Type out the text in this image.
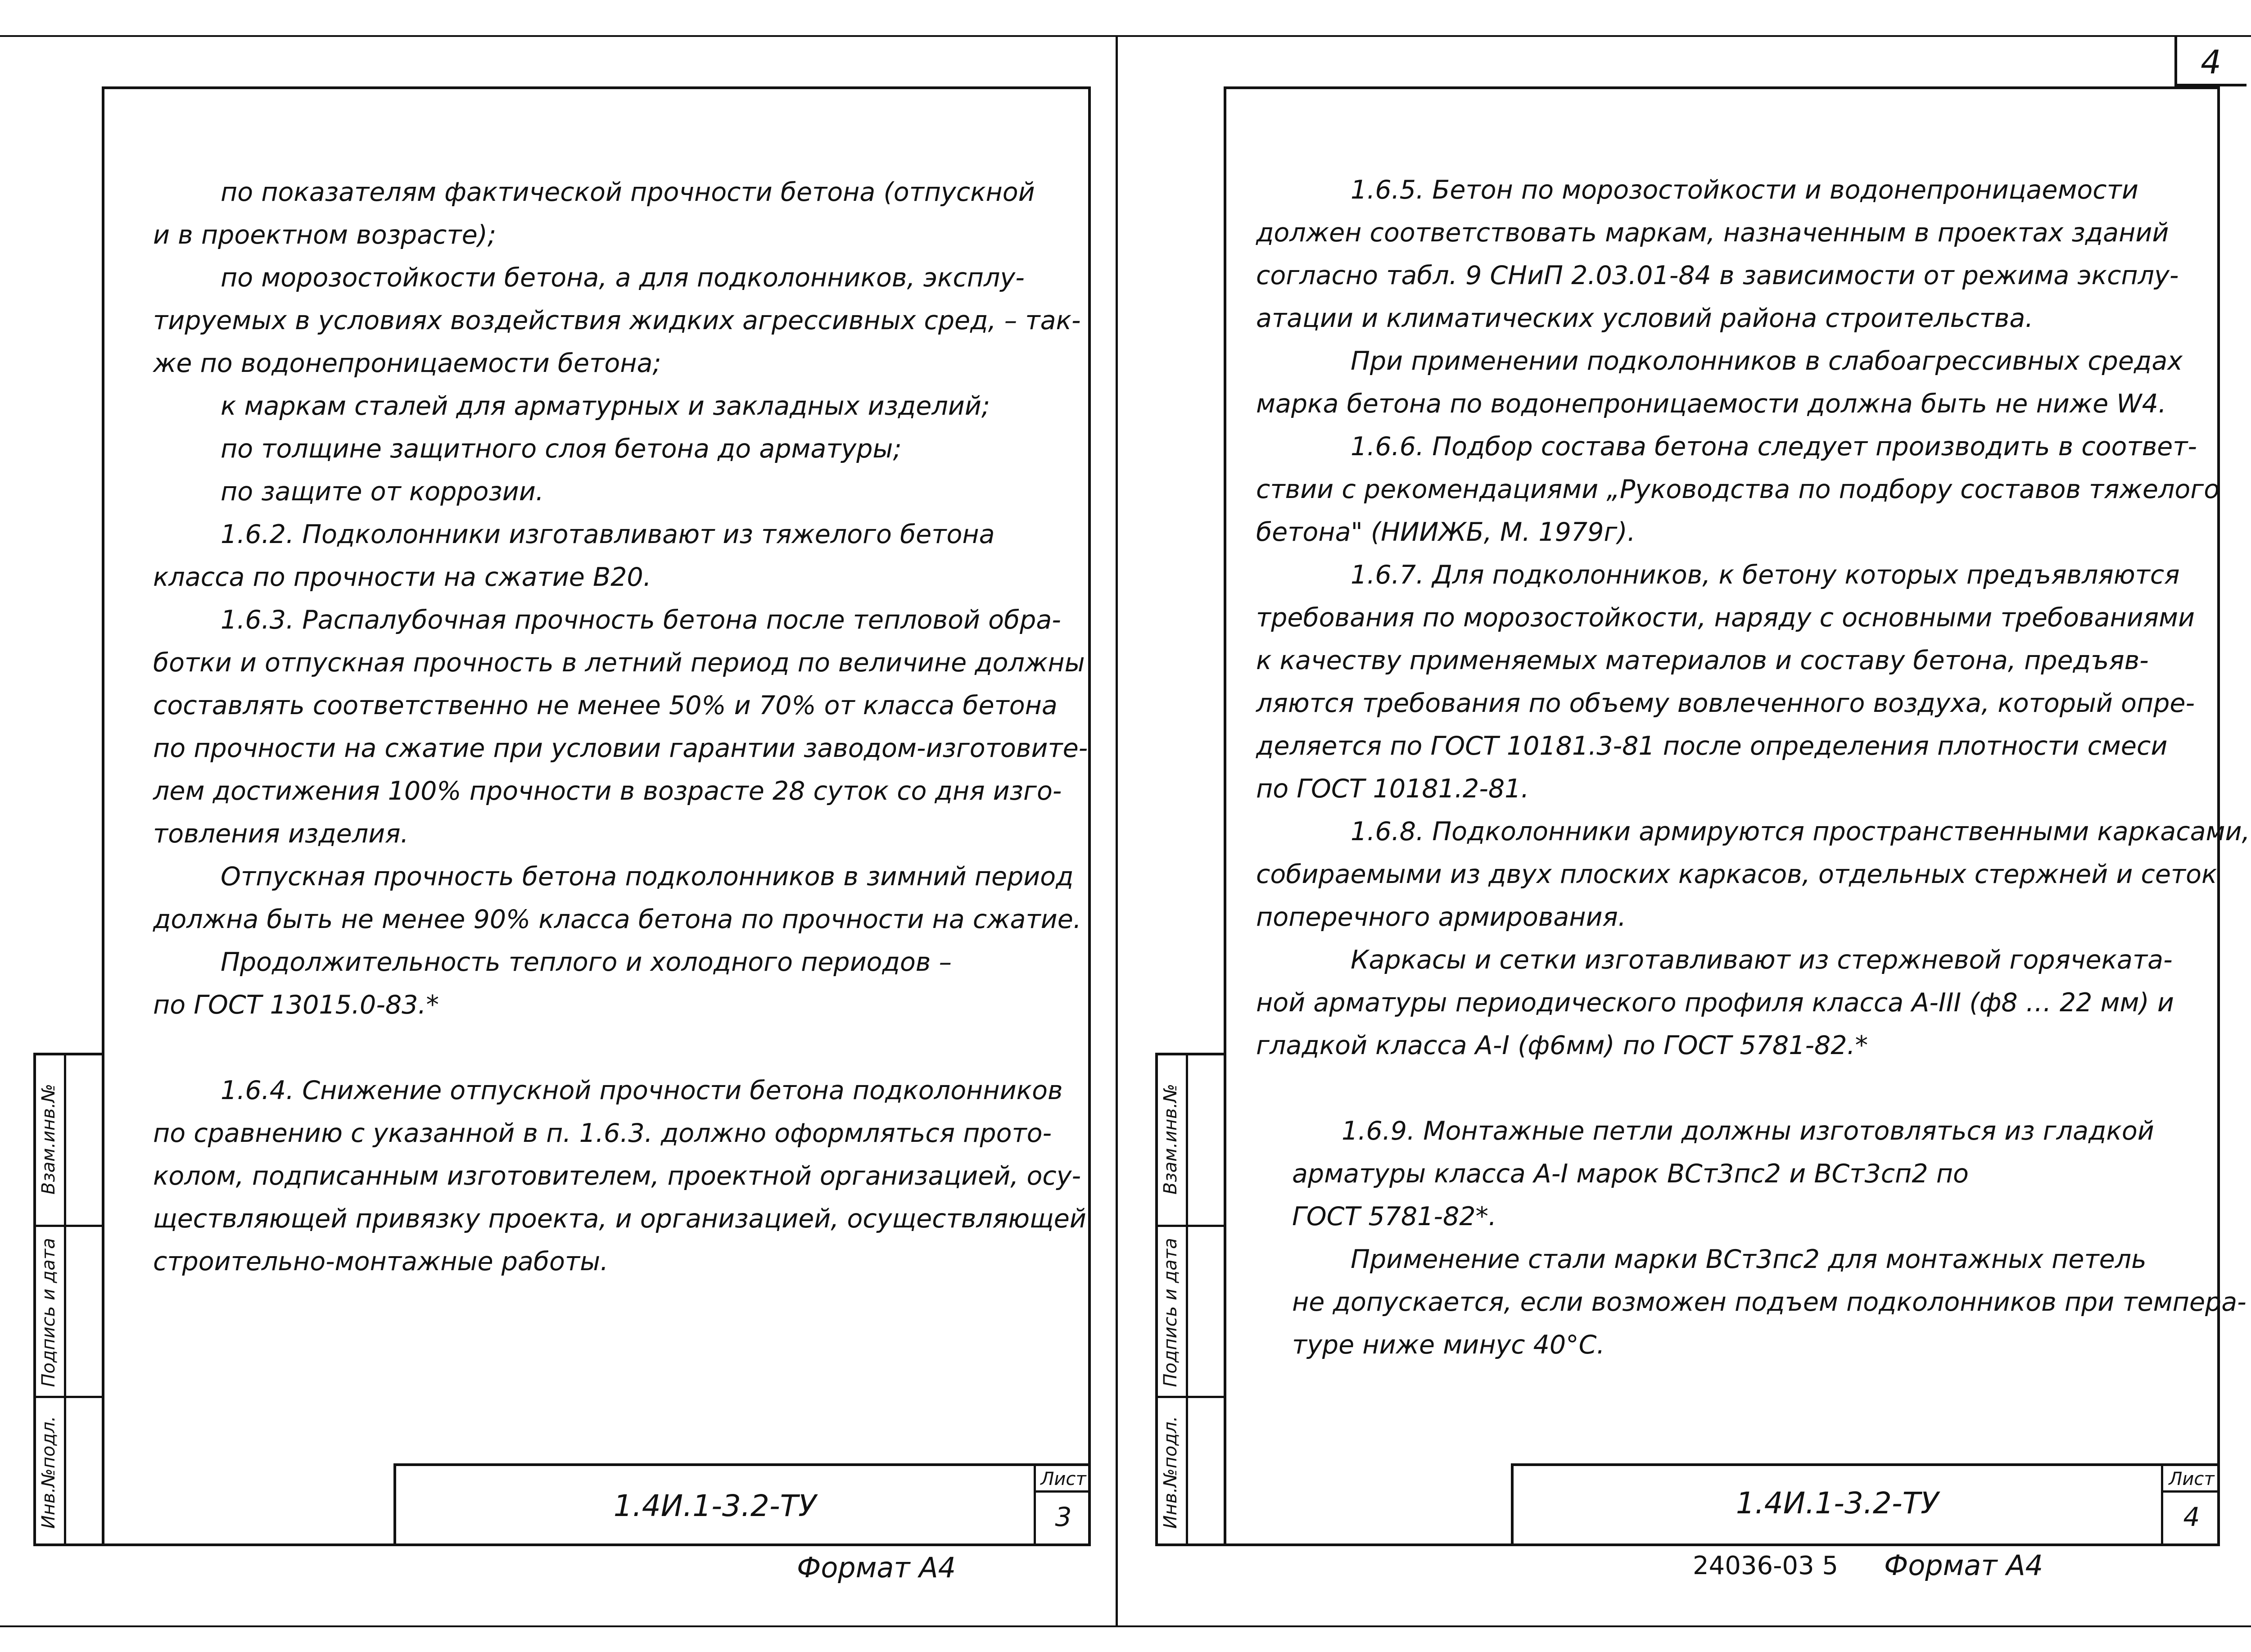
4
Инв.№подл.
Подпись и дата
Взам.инв.№

по показателям фактической прочности бетона (отпускной

и в проектном возрасте);

по морозостойкости бетона, а для подколонников, эксплу-

тируемых в условиях воздействия жидких агрессивных сред, – так-

же по водонепроницаемости бетона;

к маркам сталей для арматурных и закладных изделий;

по толщине защитного слоя бетона до арматуры;

по защите от коррозии.

1.6.2. Подколонники изготавливают из тяжелого бетона

класса по прочности на сжатие В20.

1.6.3. Распалубочная прочность бетона после тепловой обра-

ботки и отпускная прочность в летний период по величине должны

составлять соответственно не менее 50% и 70% от класса бетона

по прочности на сжатие при условии гарантии заводом-изготовите-

лем достижения 100% прочности в возрасте 28 суток со дня изго-

товления изделия.

Отпускная прочность бетона подколонников в зимний период

должна быть не менее 90% класса бетона по прочности на сжатие.

Продолжительность теплого и холодного периодов –

по ГОСТ 13015.0-83.*

1.6.4. Снижение отпускной прочности бетона подколонников

по сравнению с указанной в п. 1.6.3. должно оформляться прото-

колом, подписанным изготовителем, проектной организацией, осу-

ществляющей привязку проекта, и организацией, осуществляющей

строительно-монтажные работы.

1.4И.1-3.2-ТУ
Лист
3
Формат А4
Инв.№подл.
Подпись и дата
Взам.инв.№

1.6.5. Бетон по морозостойкости и водонепроницаемости

должен соответствовать маркам, назначенным в проектах зданий

согласно табл. 9 СНиП 2.03.01-84 в зависимости от режима эксплу-

атации и климатических условий района строительства.

При применении подколонников в слабоагрессивных средах

марка бетона по водонепроницаемости должна быть не ниже W4.

1.6.6. Подбор состава бетона следует производить в соответ-

ствии с рекомендациями „Руководства по подбору составов тяжелого

бетона" (НИИЖБ, М. 1979г).

1.6.7. Для подколонников, к бетону которых предъявляются

требования по морозостойкости, наряду с основными требованиями

к качеству применяемых материалов и составу бетона, предъяв-

ляются требования по объему вовлеченного воздуха, который опре-

деляется по ГОСТ 10181.3-81 после определения плотности смеси

по ГОСТ 10181.2-81.

1.6.8. Подколонники армируются пространственными каркасами,

собираемыми из двух плоских каркасов, отдельных стержней и сеток

поперечного армирования.

Каркасы и сетки изготавливают из стержневой горячеката-

ной арматуры периодического профиля класса А-III (ф8 … 22 мм) и

гладкой класса А-I (ф6мм) по ГОСТ 5781-82.*

1.6.9. Монтажные петли должны изготовляться из гладкой

арматуры класса А-I марок ВСт3пс2 и ВСт3сп2 по

ГОСТ 5781-82*.

Применение стали марки ВСт3пс2 для монтажных петель

не допускается, если возможен подъем подколонников при темпера-

туре ниже минус 40°С.

1.4И.1-3.2-ТУ
Лист
4
24036-03 5 Формат А4
